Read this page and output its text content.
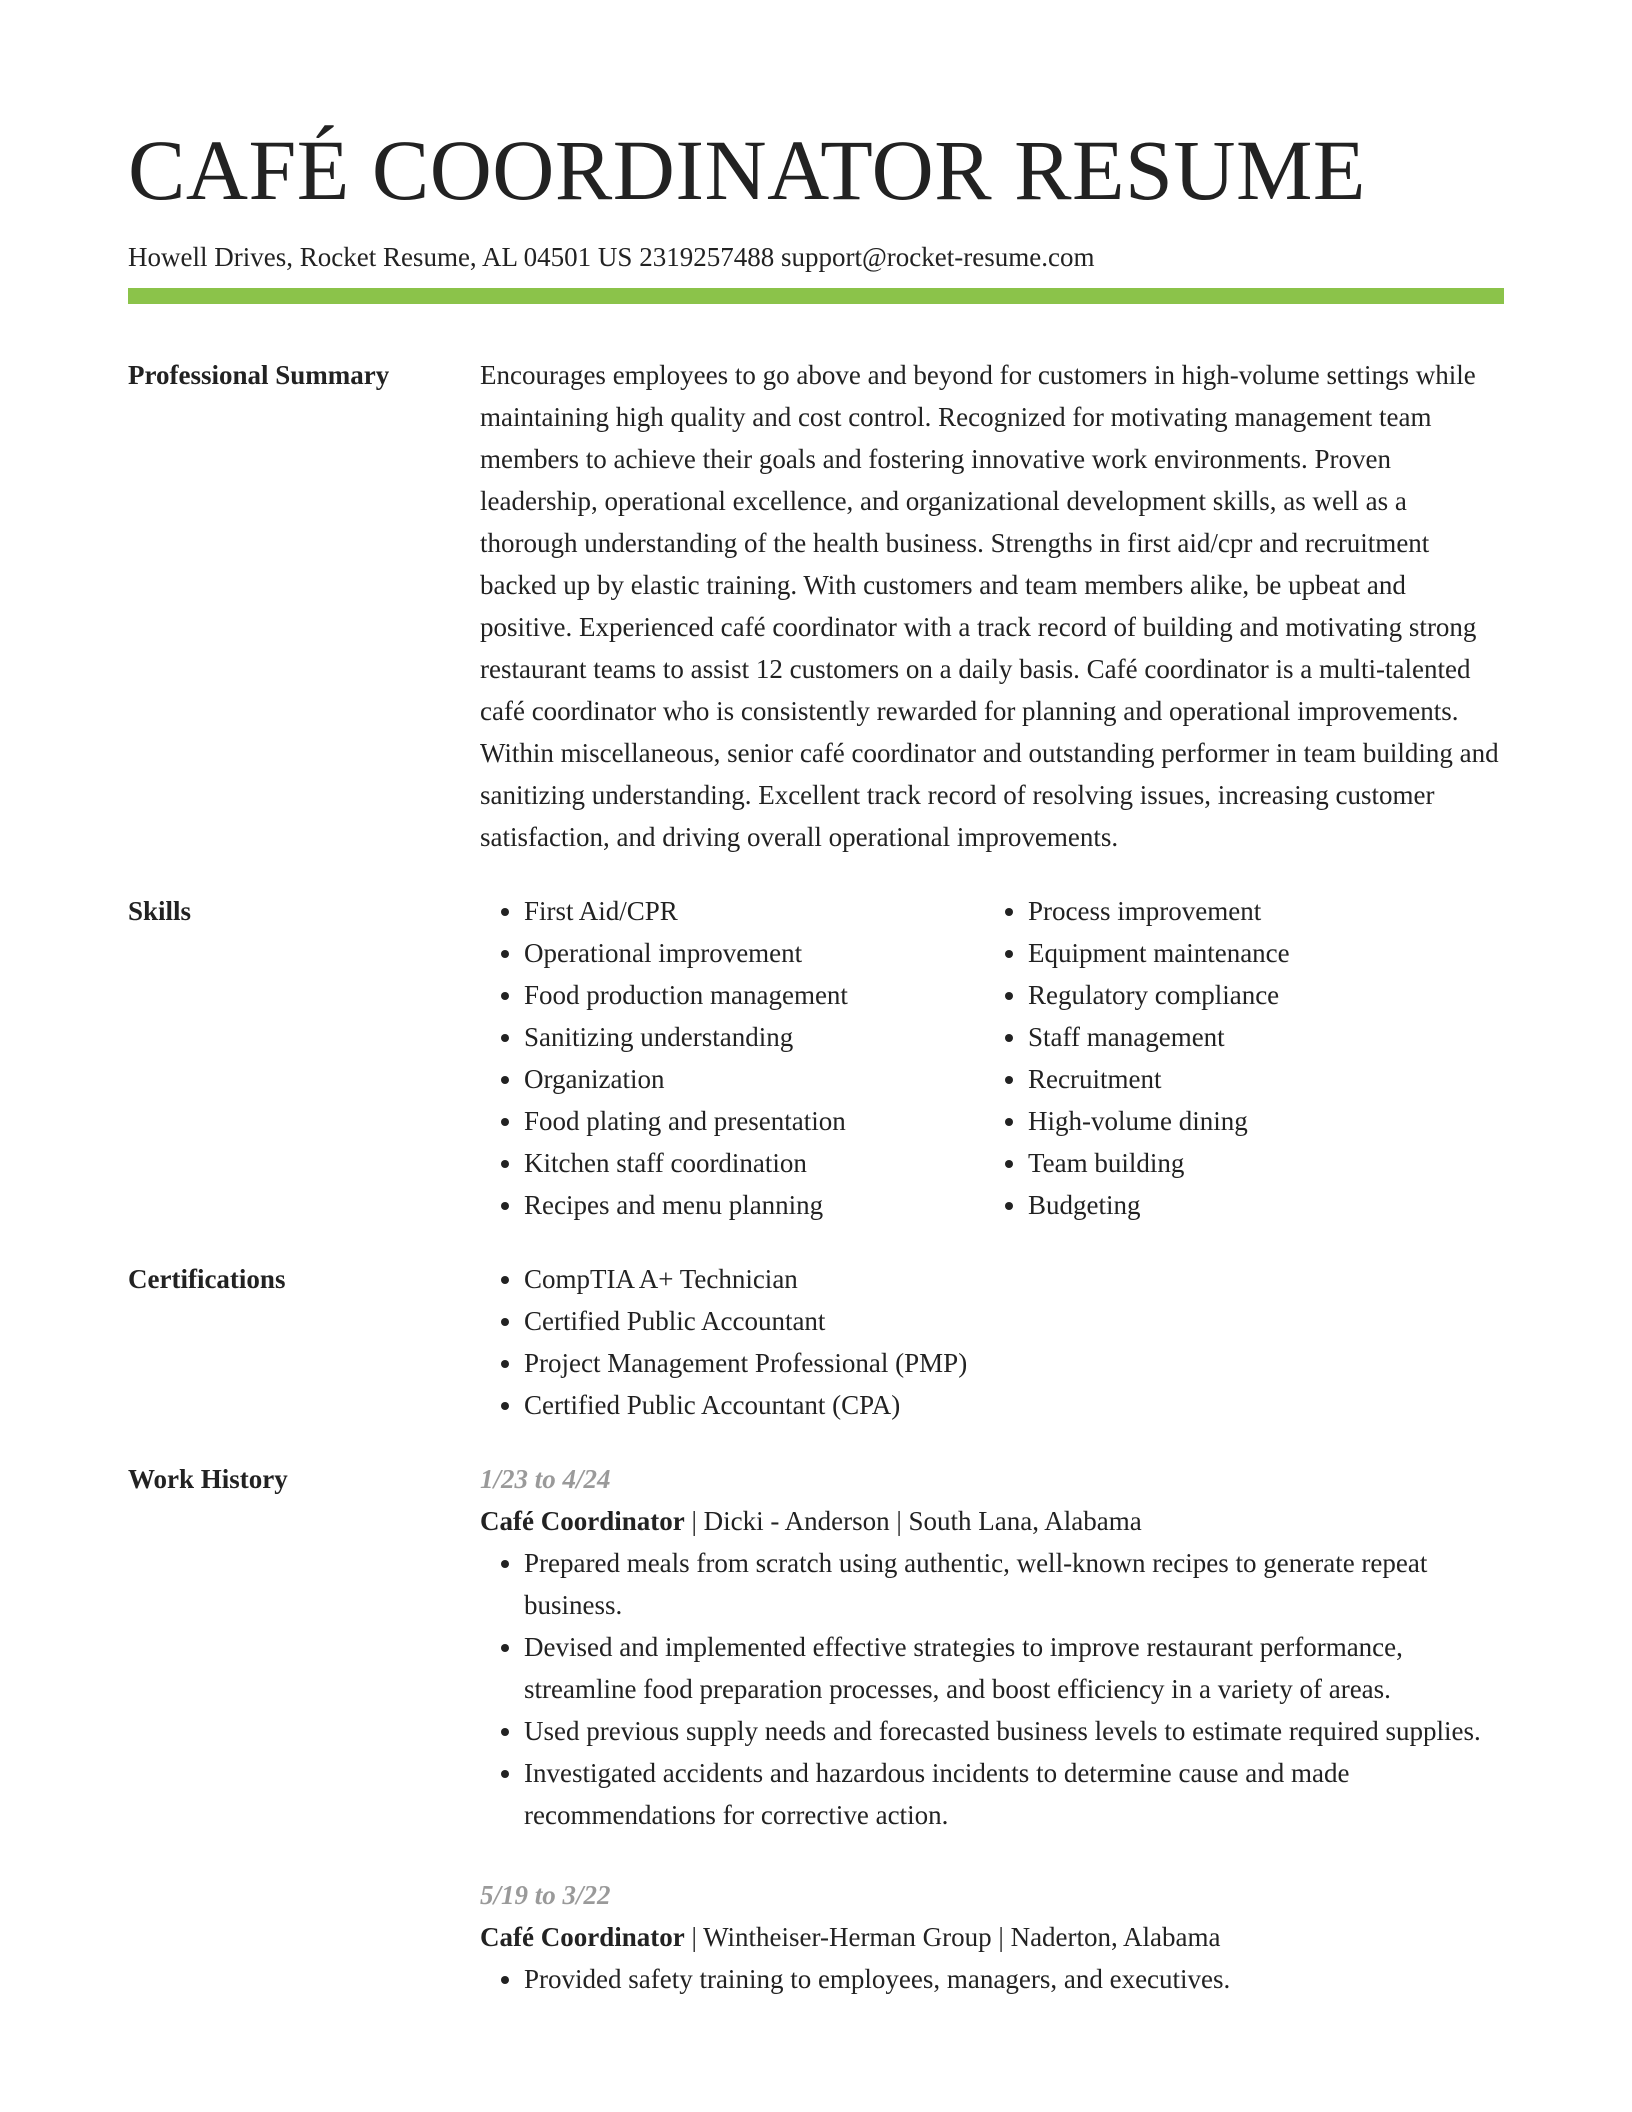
CAFÉ COORDINATOR RESUME
Howell Drives, Rocket Resume, AL 04501 US 2319257488 support@rocket-resume.com
Professional Summary	Encourages employees to go above and beyond for customers in high-volume settings while maintaining high quality and cost control. Recognized for motivating management team members to achieve their goals and fostering innovative work environments. Proven leadership, operational excellence, and organizational development skills, as well as a thorough understanding of the health business. Strengths in first aid/cpr and recruitment backed up by elastic training. With customers and team members alike, be upbeat and positive. Experienced café coordinator with a track record of building and motivating strong restaurant teams to assist 12 customers on a daily basis. Café coordinator is a multi-talented café coordinator who is consistently rewarded for planning and operational improvements. Within miscellaneous, senior café coordinator and outstanding performer in team building and sanitizing understanding. Excellent track record of resolving issues, increasing customer satisfaction, and driving overall operational improvements.

Skills	• First Aid/CPR
• Operational improvement
• Food production management
• Sanitizing understanding
• Organization
• Food plating and presentation
• Kitchen staff coordination
• Recipes and menu planning
• Process improvement
• Equipment maintenance
• Regulatory compliance
• Staff management
• Recruitment
• High-volume dining
• Team building
• Budgeting
Certifications	• CompTIA A+ Technician
• Certified Public Accountant
• Project Management Professional (PMP)
• Certified Public Accountant (CPA)
Work History	1/23 to 4/24
Café Coordinator | Dicki - Anderson | South Lana, Alabama
• Prepared meals from scratch using authentic, well-known recipes to generate repeat business.
• Devised and implemented effective strategies to improve restaurant performance, streamline food preparation processes, and boost efficiency in a variety of areas.
• Used previous supply needs and forecasted business levels to estimate required supplies.
• Investigated accidents and hazardous incidents to determine cause and made recommendations for corrective action.
5/19 to 3/22
Café Coordinator | Wintheiser-Herman Group | Naderton, Alabama
• Provided safety training to employees, managers, and executives.
